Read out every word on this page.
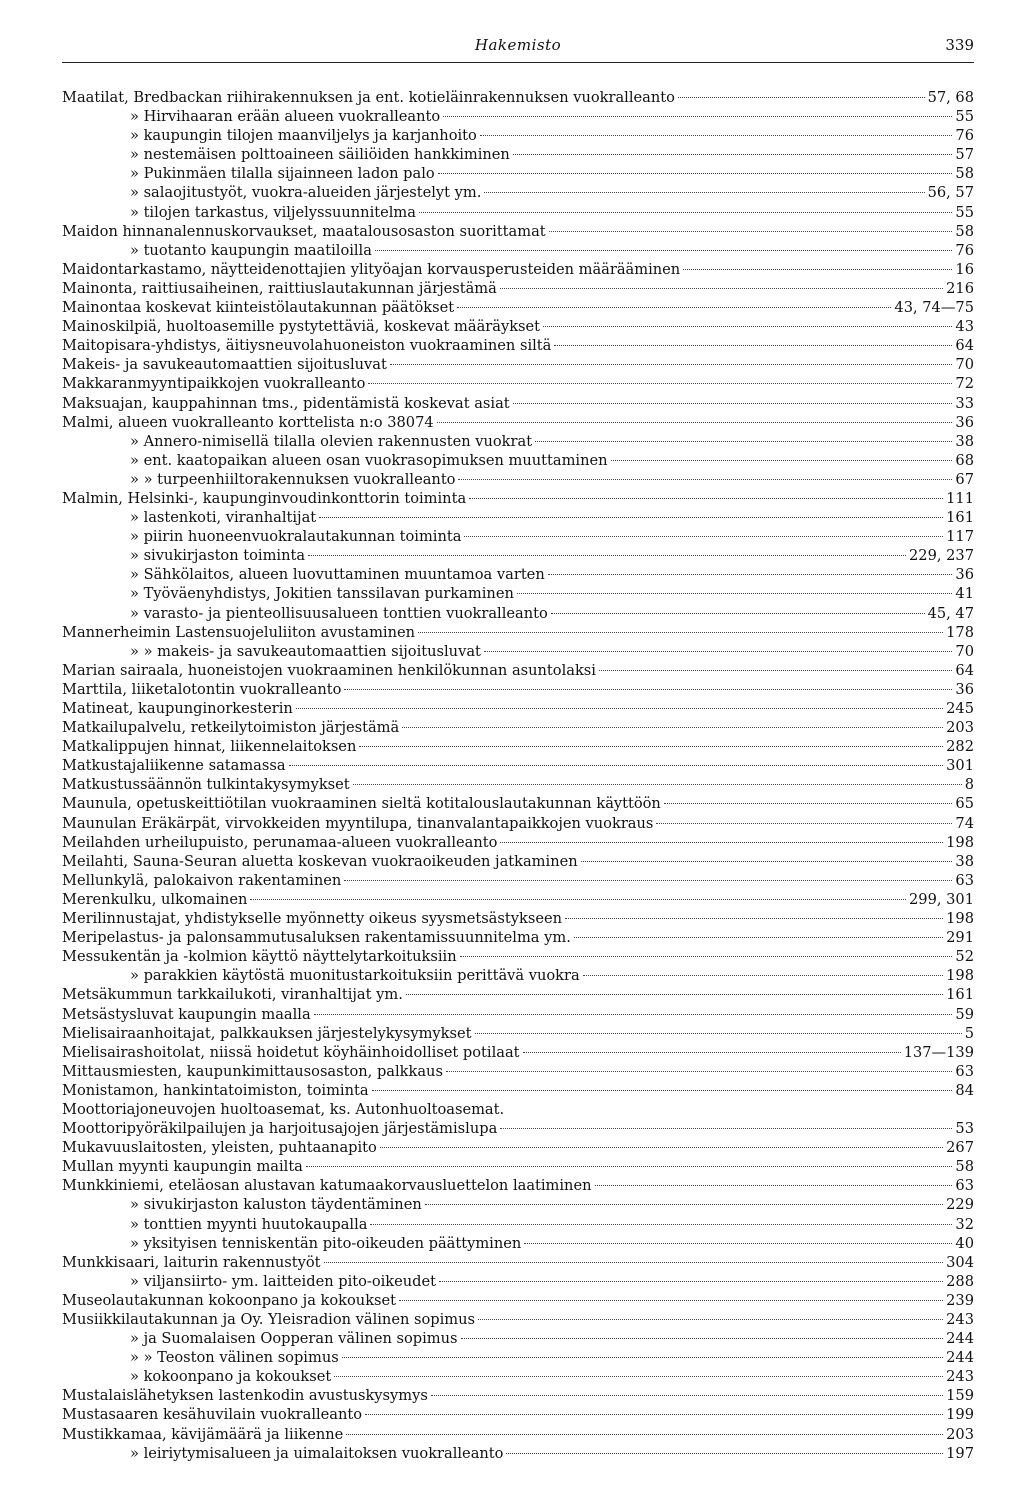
Hakemisto	339
Maatilat, Bredbackan riihirakennuksen ja ent. kotieläinrakennuksen vuokralleanto	57, 68
» Hirvihaaran erään alueen vuokralleanto	55
» kaupungin tilojen maanviljelys ja karjanhoito	76
» nestemäisen polttoaineen säiliöiden hankkiminen	57
» Pukinmäen tilalla sijainneen ladon palo	58
» salaojitustyöt, vuokra-alueiden järjestelyt ym.	56, 57
» tilojen tarkastus, viljelyssuunnitelma	55
Maidon hinnanalennuskorvaukset, maatalousosaston suorittamat	58
» tuotanto kaupungin maatiloilla	76
Maidontarkastamo, näytteidenottajien ylityöajan korvausperusteiden määrääminen	16
Mainonta, raittiusaiheinen, raittiuslautakunnan järjestämä	216
Mainontaa koskevat kiinteistölautakunnan päätökset	43, 74—75
Mainoskilpiä, huoltoasemille pystytettäviä, koskevat määräykset	43
Maitopisara-yhdistys, äitiysneuvolahuoneiston vuokraaminen siltä	64
Makeis- ja savukeautomaattien sijoitusluvat	70
Makkaranmyyntipaikkojen vuokralleanto	72
Maksuajan, kauppahinnan tms., pidentämistä koskevat asiat	33
Malmi, alueen vuokralleanto korttelista n:o 38074	36
» Annero-nimisellä tilalla olevien rakennusten vuokrat	38
» ent. kaatopaikan alueen osan vuokrasopimuksen muuttaminen	68
» » turpeenhiiltorakennuksen vuokralleanto	67
Malmin, Helsinki-, kaupunginvoudinkonttorin toiminta	111
» lastenkoti, viranhaltijat	161
» piirin huoneenvuokralautakunnan toiminta	117
» sivukirjaston toiminta	229, 237
» Sähkölaitos, alueen luovuttaminen muuntamoa varten	36
» Työväenyhdistys, Jokitien tanssilavan purkaminen	41
» varasto- ja pienteollisuusalueen tonttien vuokralleanto	45, 47
Mannerheimin Lastensuojeluliiton avustaminen	178
» » makeis- ja savukeautomaattien sijoitusluvat	70
Marian sairaala, huoneistojen vuokraaminen henkilökunnan asuntolaksi	64
Marttila, liiketalotontin vuokralleanto	36
Matineat, kaupunginorkesterin	245
Matkailupalvelu, retkeilytoimiston järjestämä	203
Matkalippujen hinnat, liikennelaitoksen	282
Matkustajaliikenne satamassa	301
Matkustussäännön tulkintakysymykset	8
Maunula, opetuskeittiötilan vuokraaminen sieltä kotitalouslautakunnan käyttöön	65
Maunulan Eräkärpät, virvokkeiden myyntilupa, tinanvalantapaikkojen vuokraus	74
Meilahden urheilupuisto, perunamaa-alueen vuokralleanto	198
Meilahti, Sauna-Seuran aluetta koskevan vuokraoikeuden jatkaminen	38
Mellunkylä, palokaivon rakentaminen	63
Merenkulku, ulkomainen	299, 301
Merilinnustajat, yhdistykselle myönnetty oikeus syysmetsästykseen	198
Meripelastus- ja palonsammutusaluksen rakentamissuunnitelma ym.	291
Messukentän ja -kolmion käyttö näyttelytarkoituksiin	52
» parakkien käytöstä muonitustarkoituksiin perittävä vuokra	198
Metsäkummun tarkkailukoti, viranhaltijat ym.	161
Metsästysluvat kaupungin maalla	59
Mielisairaanhoitajat, palkkauksen järjestelykysymykset	5
Mielisairashoitolat, niissä hoidetut köyhäinhoidolliset potilaat	137—139
Mittausmiesten, kaupunkimittausosaston, palkkaus	63
Monistamon, hankintatoimiston, toiminta	84
Moottoriajoneuvojen huoltoasemat, ks. Autonhuoltoasemat.
Moottoripyöräkilpailujen ja harjoitusajojen järjestämislupa	53
Mukavuuslaitosten, yleisten, puhtaanapito	267
Mullan myynti kaupungin mailta	58
Munkkiniemi, eteläosan alustavan katumaakorvausluettelon laatiminen	63
» sivukirjaston kaluston täydentäminen	229
» tonttien myynti huutokaupalla	32
» yksityisen tenniskentän pito-oikeuden päättyminen	40
Munkkisaari, laiturin rakennustyöt	304
» viljansiirto- ym. laitteiden pito-oikeudet	288
Museolautakunnan kokoonpano ja kokoukset	239
Musiikkilautakunnan ja Oy. Yleisradion välinen sopimus	243
» ja Suomalaisen Oopperan välinen sopimus	244
» » Teoston välinen sopimus	244
» kokoonpano ja kokoukset	243
Mustalaislähetyksen lastenkodin avustuskysymys	159
Mustasaaren kesähuvilain vuokralleanto	199
Mustikkamaa, kävijämäärä ja liikenne	203
» leiriytymisalueen ja uimalaitoksen vuokralleanto	197
